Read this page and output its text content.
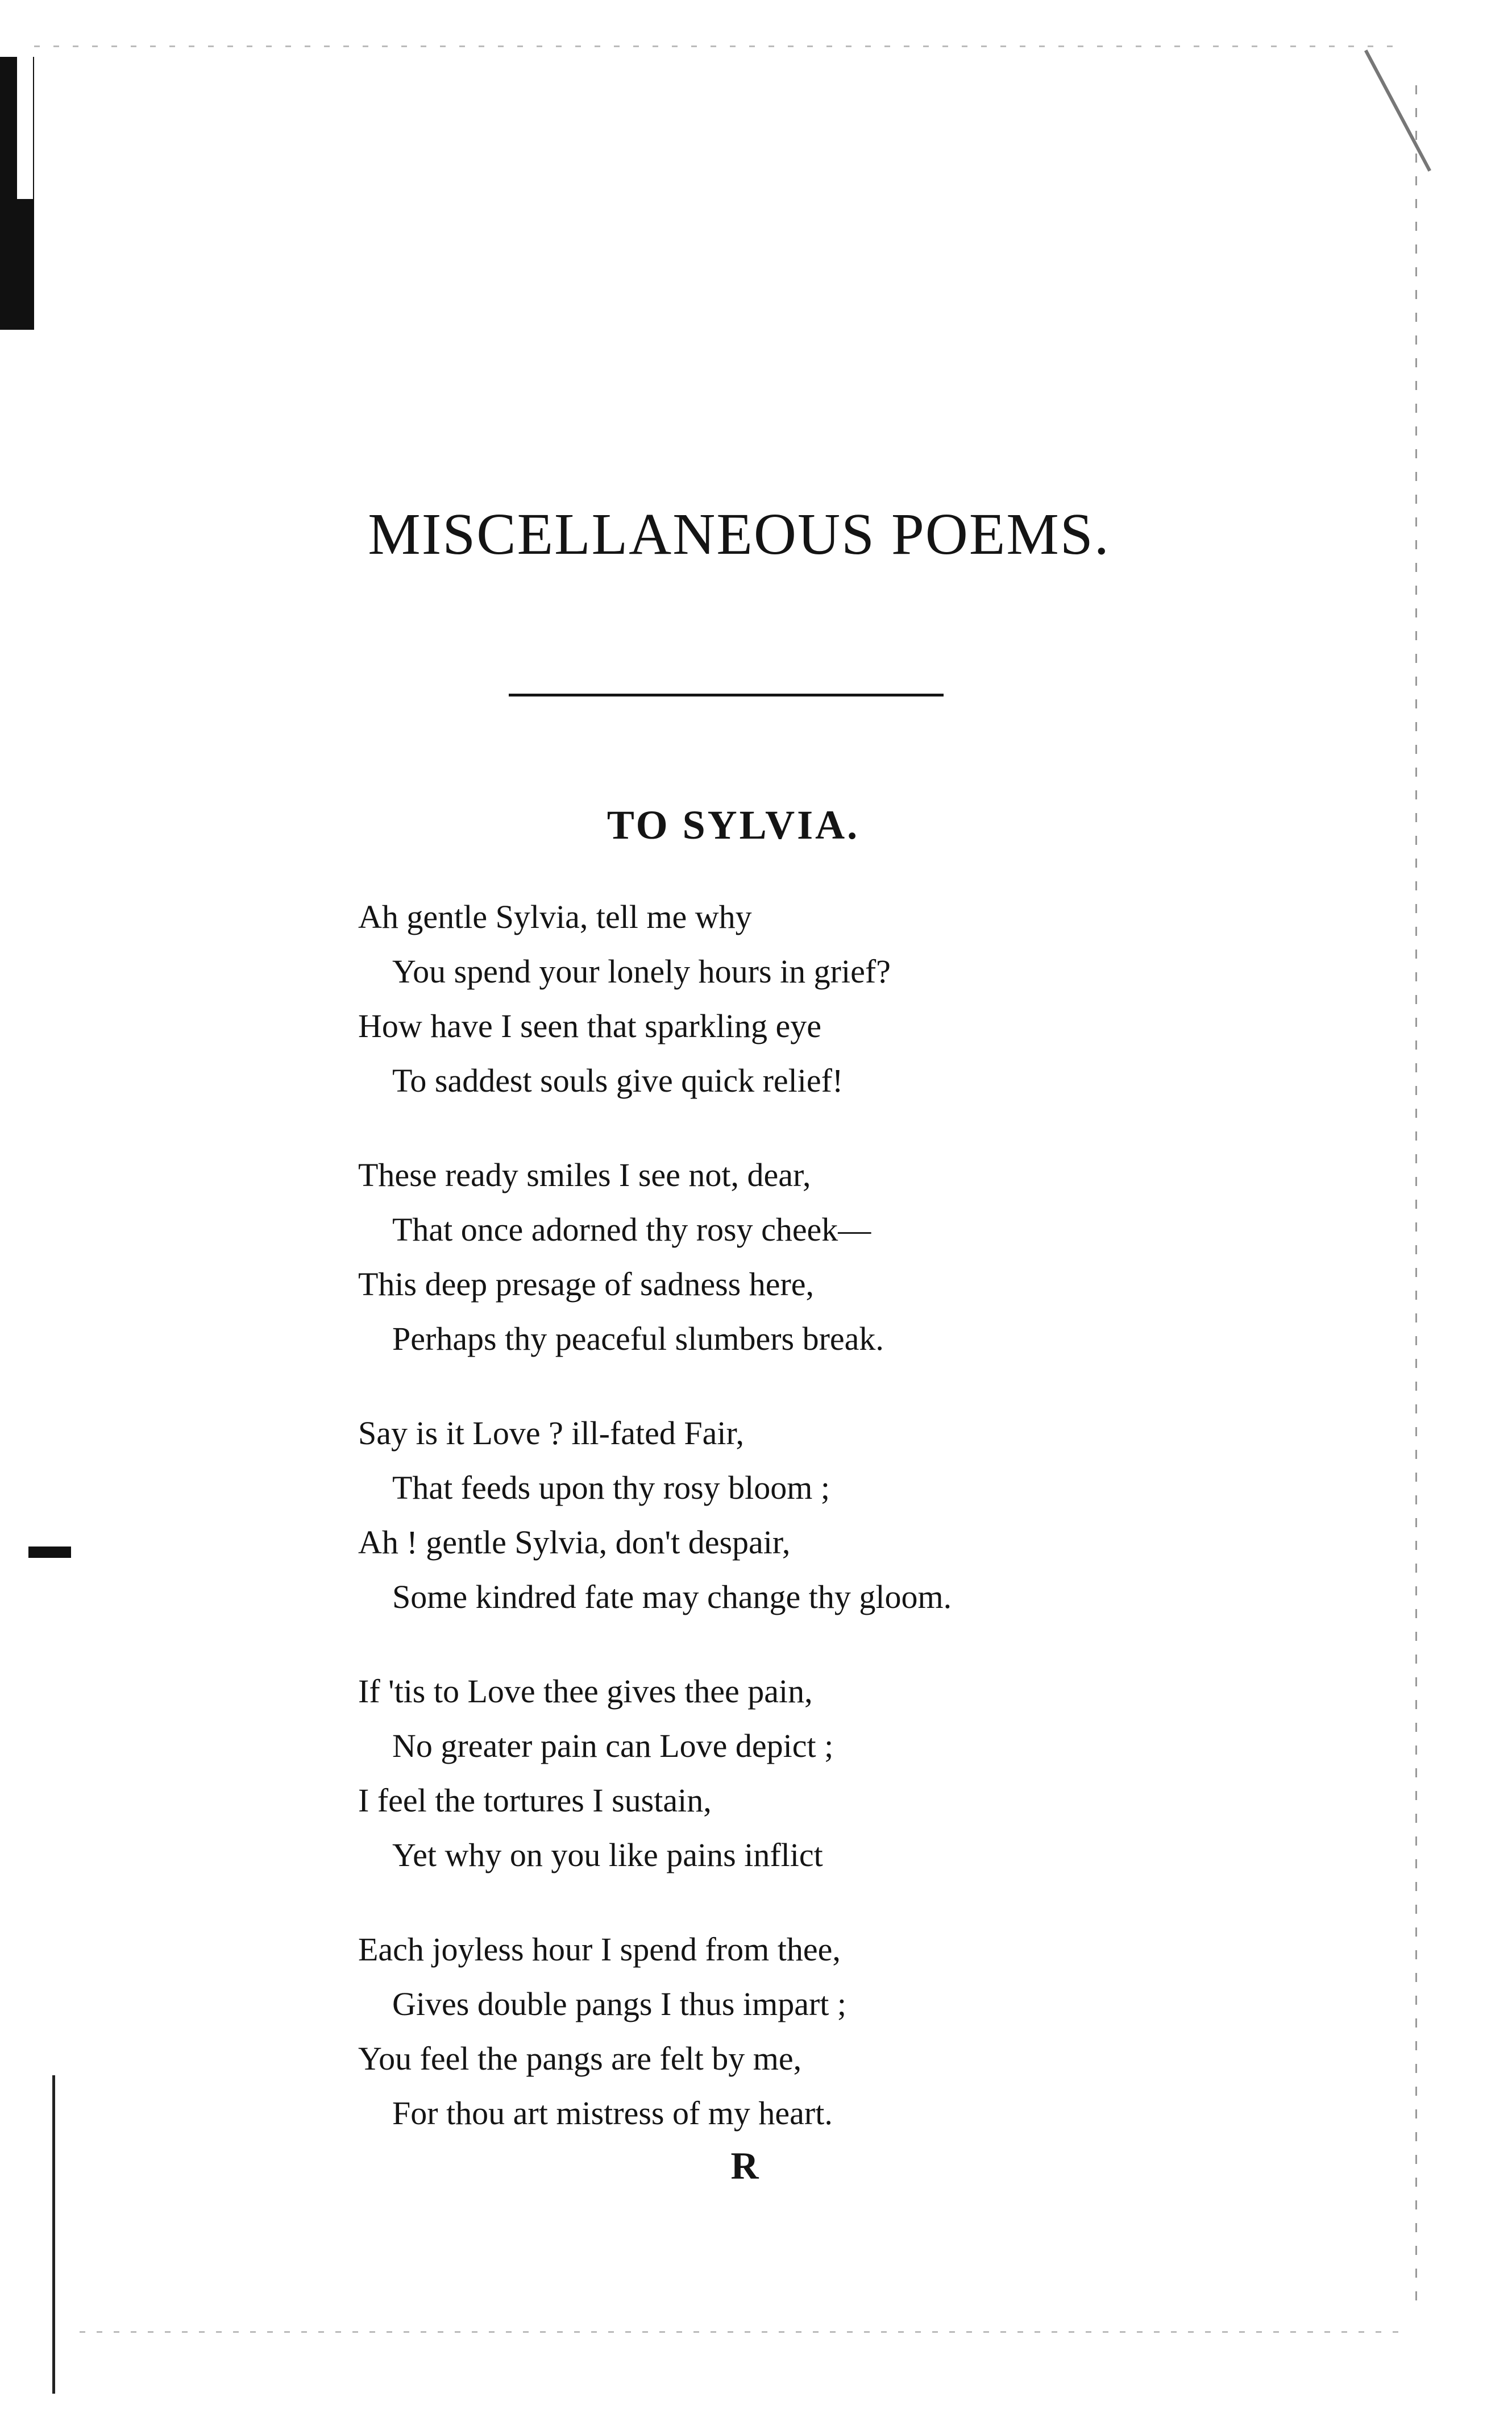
MISCELLANEOUS POEMS.
TO SYLVIA.
Ah gentle Sylvia, tell me why
You spend your lonely hours in grief?
How have I seen that sparkling eye
To saddest souls give quick relief!
These ready smiles I see not, dear,
That once adorned thy rosy cheek—
This deep presage of sadness here,
Perhaps thy peaceful slumbers break.
Say is it Love ? ill-fated Fair,
That feeds upon thy rosy bloom ;
Ah ! gentle Sylvia, don't despair,
Some kindred fate may change thy gloom.
If 'tis to Love thee gives thee pain,
No greater pain can Love depict ;
I feel the tortures I sustain,
Yet why on you like pains inflict
Each joyless hour I spend from thee,
Gives double pangs I thus impart ;
You feel the pangs are felt by me,
For thou art mistress of my heart.
R
